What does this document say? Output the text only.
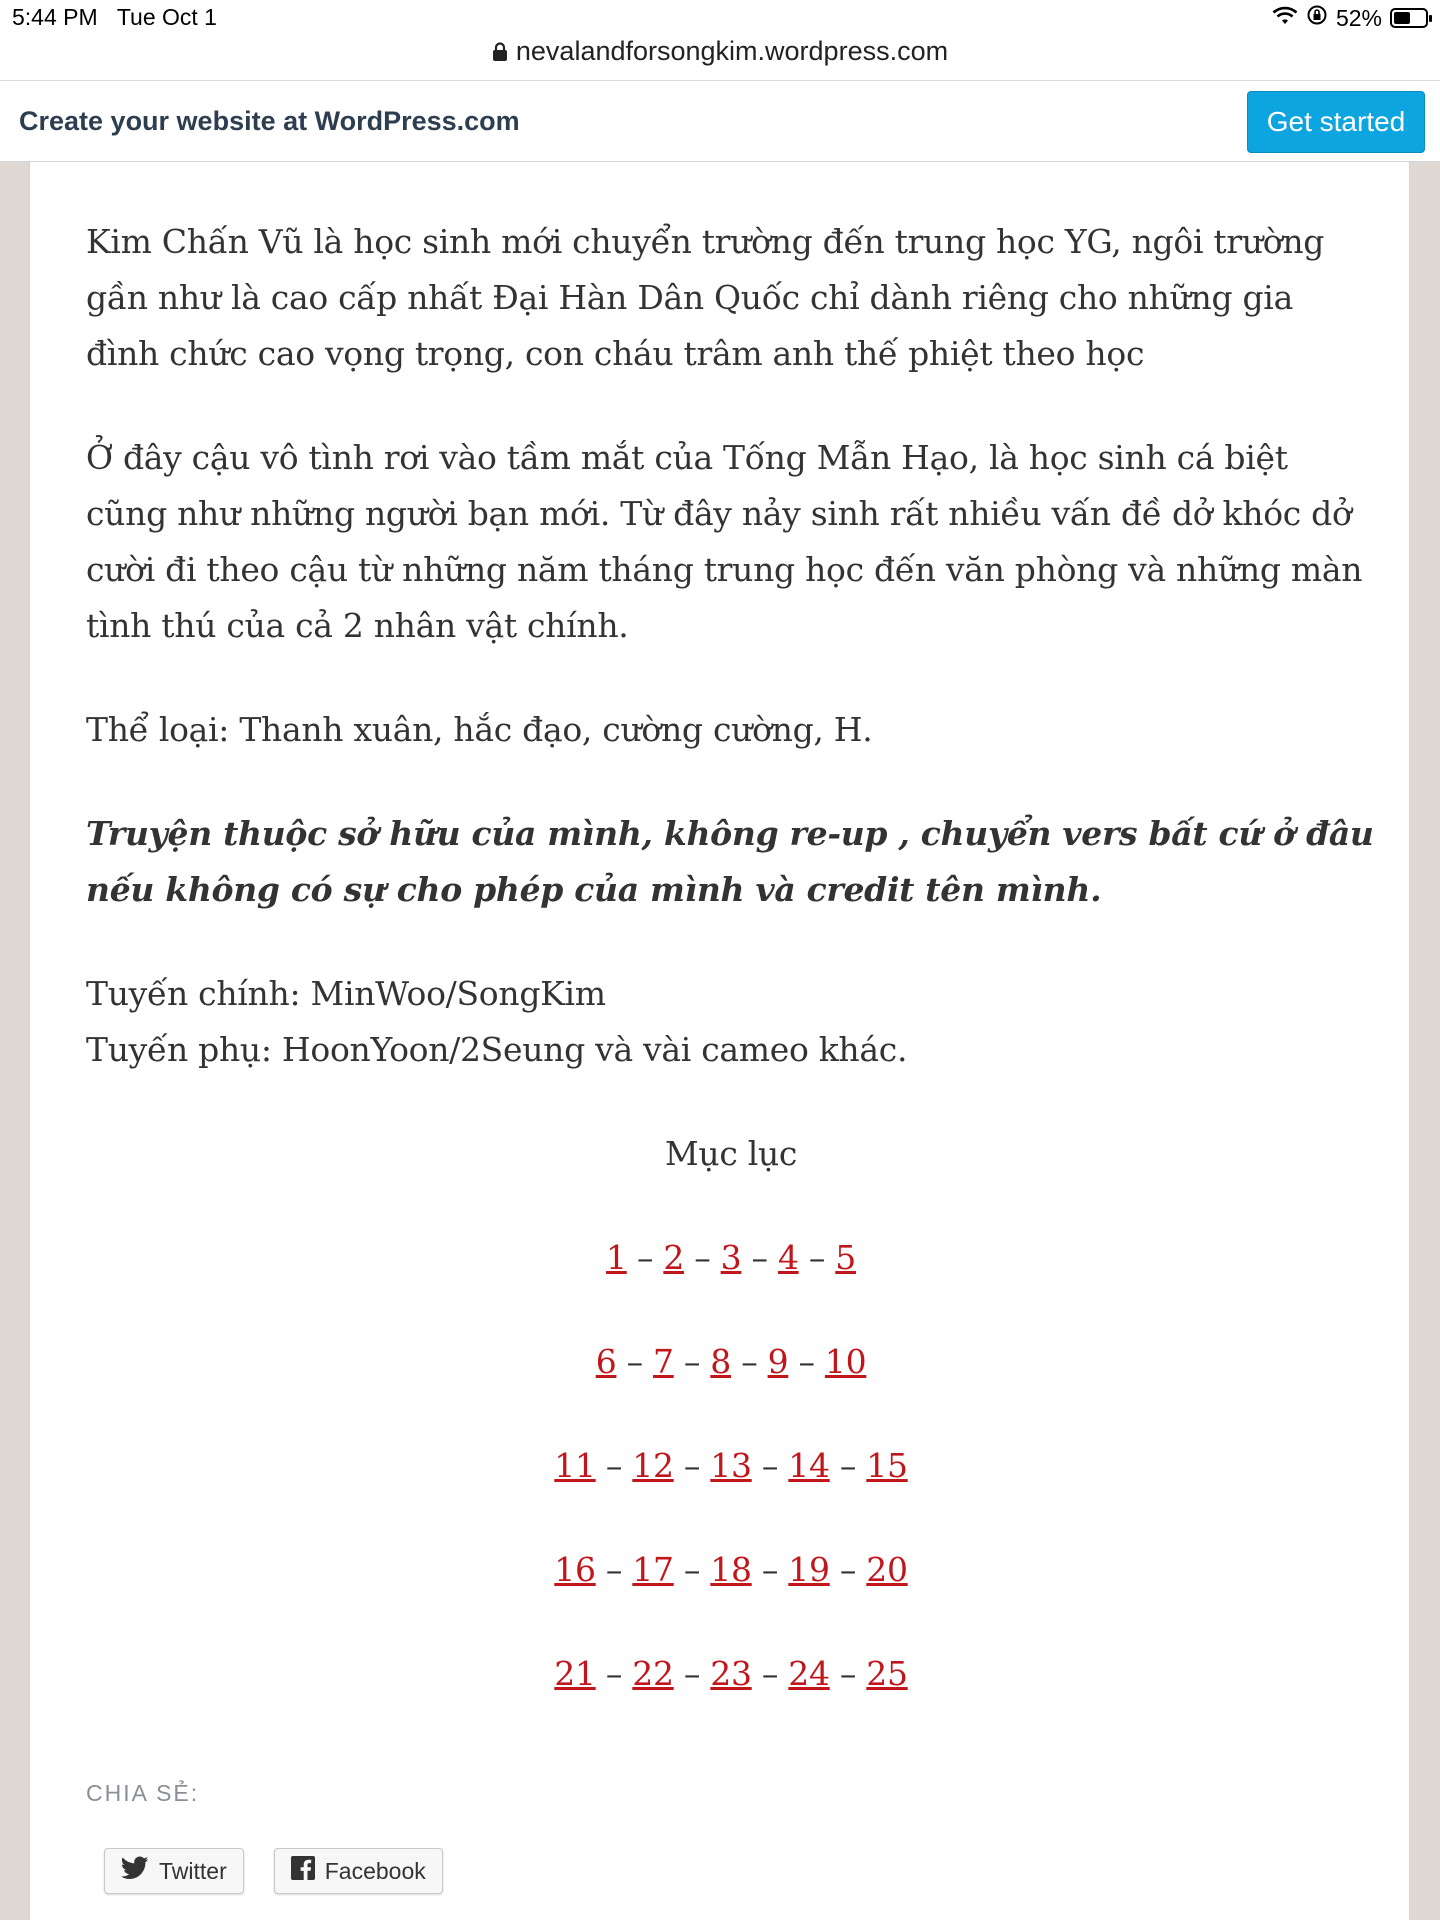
5:44 PM Tue Oct 1	52%
nevalandforsongkim.wordpress.com
Create your website at WordPress.com	Get started

Kim Chấn Vũ là học sinh mới chuyển trường đến trung học YG, ngôi trường gần như là cao cấp nhất Đại Hàn Dân Quốc chỉ dành riêng cho những gia đình chức cao vọng trọng, con cháu trâm anh thế phiệt theo học

Ở đây cậu vô tình rơi vào tầm mắt của Tống Mẫn Hạo, là học sinh cá biệt cũng như những người bạn mới. Từ đây nảy sinh rất nhiều vấn đề dở khóc dở cười đi theo cậu từ những năm tháng trung học đến văn phòng và những màn tình thú của cả 2 nhân vật chính.

Thể loại: Thanh xuân, hắc đạo, cường cường, H.

Truyện thuộc sở hữu của mình, không re-up , chuyển vers bất cứ ở đâu nếu không có sự cho phép của mình và credit tên mình.

Tuyến chính: MinWoo/SongKim
Tuyến phụ: HoonYoon/2Seung và vài cameo khác.

Mục lục

1 – 2 – 3 – 4 – 5

6 – 7 – 8 – 9 – 10

11 – 12 – 13 – 14 – 15

16 – 17 – 18 – 19 – 20

21 – 22 – 23 – 24 – 25

CHIA SẺ:
Twitter	Facebook
